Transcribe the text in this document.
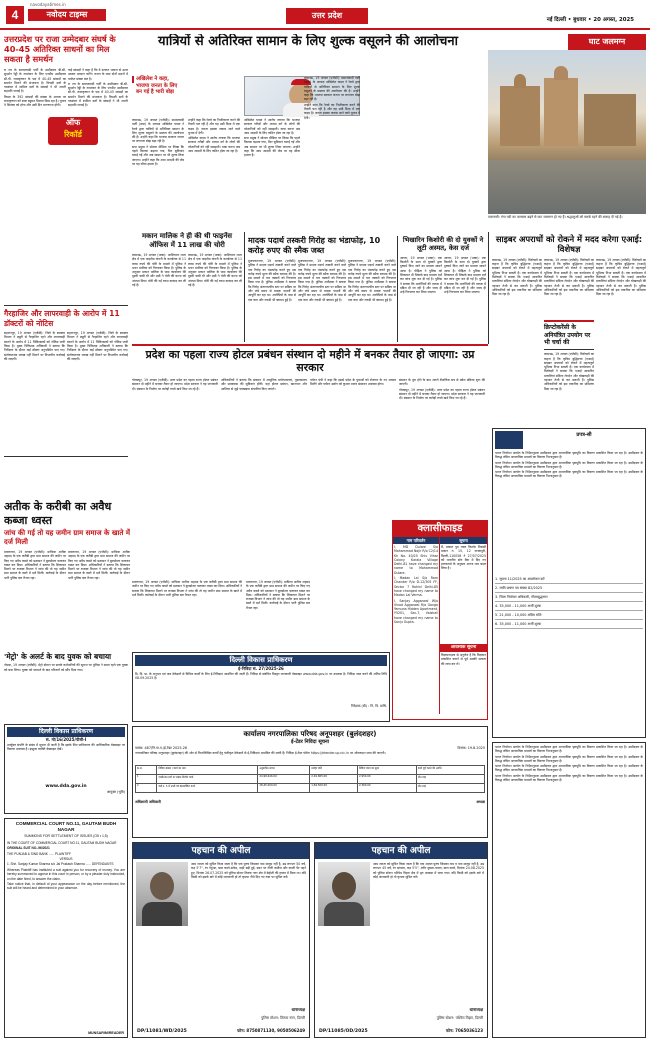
4	नवोदय टाइम्स
navodayatimes.in
उत्तर प्रदेश	नई दिल्ली • बुधवार • 20 अगस्त, 2025
उत्तरप्रदेश पर राजा उम्मेदबार संघर्ष के 40-45 अतिरिक्त साधनों का मिल सकता है समर्थन

रा ज्य के समाजवादी पार्टी के उम्मीदवार बी.सी. सुदर्शन रेड्डी के नामांकन के लिए एनडीए उम्मीदवार सी.पी. राधाकृष्णन के पक्ष में 40-45 सांसदों का समर्थन मिलने की संभावना है। विपक्षी दलों के गठबंधन में शामिल दलों के सांसदों ने भी अपनी सहमति जताई है।

विपक्ष के 392 सांसदों की संख्या के आधार पर राधाकृष्णन को स्पष्ट बहुमत मिलता दिख रहा है। चुनाव 9 सितंबर को होगा और उसी दिन मतगणना होगी।

कई सांसदों ने कहा है कि वे दलगत भावना से ऊपर उठकर मतदान करेंगे। राजग के पास दोनों सदनों में पर्याप्त संख्या बल है।

रा ज्य के समाजवादी पार्टी के उम्मीदवार बी.सी. सुदर्शन रेड्डी के नामांकन के लिए एनडीए उम्मीदवार सी.पी. राधाकृष्णन के पक्ष में 40-45 सांसदों का समर्थन मिलने की संभावना है। विपक्षी दलों के गठबंधन में शामिल दलों के सांसदों ने भी अपनी सहमति जताई है।

ऑफ
रिकॉर्ड
गैरहाजिर और लापरवाही के आरोप में 11 डॉक्टरों को नोटिस

सहारनपुर, 19 अगस्त (एजेंसी): जिले के स्वास्थ्य विभाग ने ड्यूटी से गैरहाजिर रहने और लापरवाही बरतने के आरोप में 11 चिकित्सकों को नोटिस जारी किया है। मुख्य चिकित्सा अधिकारी ने बताया कि निरीक्षण के दौरान कई डॉक्टर अनुपस्थित पाए गए। संतोषजनक जवाब नहीं मिलने पर विभागीय कार्रवाई की जाएगी।

सहारनपुर, 19 अगस्त (एजेंसी): जिले के स्वास्थ्य विभाग ने ड्यूटी से गैरहाजिर रहने और लापरवाही बरतने के आरोप में 11 चिकित्सकों को नोटिस जारी किया है। मुख्य चिकित्सा अधिकारी ने बताया कि निरीक्षण के दौरान कई डॉक्टर अनुपस्थित पाए गए। संतोषजनक जवाब नहीं मिलने पर विभागीय कार्रवाई की जाएगी।

यात्रियों से अतिरिक्त सामान के लिए शुल्क वसूलने की आलोचना
अखिलेश ने कहा,
भाजपा जनता के लिए
बन गई है भारी बोझ

लखनऊ, 19 अगस्त (एजेंसी): समाजवादी पार्टी (सपा) के अध्यक्ष अखिलेश यादव ने रेलवे द्वारा यात्रियों से अतिरिक्त सामान के लिए शुल्क वसूलने के प्रस्ताव की आलोचना की है। उन्होंने कहा कि भाजपा सरकार जनता पर लगातार बोझ बढ़ा रही है।

सपा प्रमुख ने सोशल मीडिया पर लिखा कि पहले किराया बढ़ाया गया, फिर सुविधाएं घटाई गईं और अब सामान पर भी शुल्क लिया जाएगा। उन्होंने कहा कि आम आदमी की जेब पर यह सीधा हमला है।

उन्होंने कहा कि रेलवे का निजीकरण करने की तैयारी चल रही है और यह उसी दिशा में एक कदम है। जनता इसका जवाब आने वाले चुनाव में देगी।

अखिलेश यादव ने आरोप लगाया कि भाजपा सरकार गरीबों और मध्यम वर्ग के लोगों की परेशानियों को नहीं समझती। यात्रा करना अब आम आदमी के लिए कठिन होता जा रहा है।

अखिलेश यादव ने आरोप लगाया कि भाजपा सरकार गरीबों और मध्यम वर्ग के लोगों की परेशानियों को नहीं समझती। यात्रा करना अब आम आदमी के लिए कठिन होता जा रहा है।

सपा प्रमुख ने सोशल मीडिया पर लिखा कि पहले किराया बढ़ाया गया, फिर सुविधाएं घटाई गईं और अब सामान पर भी शुल्क लिया जाएगा। उन्होंने कहा कि आम आदमी की जेब पर यह सीधा हमला है।

लखनऊ, 19 अगस्त (एजेंसी): समाजवादी पार्टी (सपा) के अध्यक्ष अखिलेश यादव ने रेलवे द्वारा यात्रियों से अतिरिक्त सामान के लिए शुल्क वसूलने के प्रस्ताव की आलोचना की है। उन्होंने कहा कि भाजपा सरकार जनता पर लगातार बोझ बढ़ा रही है।

उन्होंने कहा कि रेलवे का निजीकरण करने की तैयारी चल रही है और यह उसी दिशा में एक कदम है। जनता इसका जवाब आने वाले चुनाव में देगी।

मकान मालिक ने ही की थी फाइनेंस ऑफिस में 11 लाख की चोरी

लखनऊ, 19 अगस्त (भाषा): आशियाना थाना क्षेत्र में एक फाइनेंस कंपनी के कार्यालय से 11 लाख रुपये की चोरी के मामले में पुलिस ने भवन मालिक को गिरफ्तार किया है। पुलिस के अनुसार मकान मालिक के पास कार्यालय की दूसरी चाबी थी और उसी ने चोरी की घटना को अंजाम दिया। चोरी की गई रकम बरामद कर ली गई है।

लखनऊ, 19 अगस्त (भाषा): आशियाना थाना क्षेत्र में एक फाइनेंस कंपनी के कार्यालय से 11 लाख रुपये की चोरी के मामले में पुलिस ने भवन मालिक को गिरफ्तार किया है। पुलिस के अनुसार मकान मालिक के पास कार्यालय की दूसरी चाबी थी और उसी ने चोरी की घटना को अंजाम दिया। चोरी की गई रकम बरामद कर ली गई है।

मादक पदार्थ तस्करी गिरोह का भंडाफोड़, 10 करोड़ रुपए की स्मैक जब्त

मुजफ्फरनगर, 19 अगस्त (एजेंसी): पुलिस ने मादक पदार्थ तस्करी करने वाले एक गिरोह का भंडाफोड़ करते हुए दस करोड़ रुपये मूल्य की स्मैक बरामद की है। इस मामले में चार तस्करों को गिरफ्तार किया गया है। पुलिस अधीक्षक ने बताया कि गिरोह अंतरराज्यीय स्तर पर सक्रिय था और लंबे समय से मादक पदार्थों की आपूर्ति कर रहा था। आरोपियों के पास से एक कार और नकदी भी बरामद हुई है।

मुजफ्फरनगर, 19 अगस्त (एजेंसी): पुलिस ने मादक पदार्थ तस्करी करने वाले एक गिरोह का भंडाफोड़ करते हुए दस करोड़ रुपये मूल्य की स्मैक बरामद की है। इस मामले में चार तस्करों को गिरफ्तार किया गया है। पुलिस अधीक्षक ने बताया कि गिरोह अंतरराज्यीय स्तर पर सक्रिय था और लंबे समय से मादक पदार्थों की आपूर्ति कर रहा था। आरोपियों के पास से एक कार और नकदी भी बरामद हुई है।

मुजफ्फरनगर, 19 अगस्त (एजेंसी): पुलिस ने मादक पदार्थ तस्करी करने वाले एक गिरोह का भंडाफोड़ करते हुए दस करोड़ रुपये मूल्य की स्मैक बरामद की है। इस मामले में चार तस्करों को गिरफ्तार किया गया है। पुलिस अधीक्षक ने बताया कि गिरोह अंतरराज्यीय स्तर पर सक्रिय था और लंबे समय से मादक पदार्थों की आपूर्ति कर रहा था। आरोपियों के पास से एक कार और नकदी भी बरामद हुई है।

भिखारिन किशोरी की दो युवकों ने लूटी अस्मत, केस दर्ज

आगरा, 19 अगस्त (भाषा): एक किशोरी के साथ दो युवकों द्वारा दुष्कर्म किए जाने का मामला सामने आया है। पीड़िता ने पुलिस को शिकायत दी जिसके बाद मामला दर्ज कर जांच शुरू कर दी गई है। पुलिस ने बताया कि आरोपियों की तलाश में दबिश दी जा रही है और जल्द ही उन्हें गिरफ्तार कर लिया जाएगा।

आगरा, 19 अगस्त (भाषा): एक किशोरी के साथ दो युवकों द्वारा दुष्कर्म किए जाने का मामला सामने आया है। पीड़िता ने पुलिस को शिकायत दी जिसके बाद मामला दर्ज कर जांच शुरू कर दी गई है। पुलिस ने बताया कि आरोपियों की तलाश में दबिश दी जा रही है और जल्द ही उन्हें गिरफ्तार कर लिया जाएगा।

घाट जलमग्न
वाराणसी: गंगा नदी का जलस्तर बढ़ने से घाट जलमग्न हो गए हैं। श्रद्धालुओं को सतर्क रहने की सलाह दी गई है।
साइबर अपराधों को रोकने में मदद करेगा एआई: विशेषज्ञ

लखनऊ, 19 अगस्त (एजेंसी): विशेषज्ञों का कहना है कि कृत्रिम बुद्धिमत्ता (एआई) साइबर अपराधों को रोकने में महत्वपूर्ण भूमिका निभा सकती है। एक कार्यशाला में विशेषज्ञों ने बताया कि एआई आधारित प्रणालियां संदिग्ध लेनदेन और धोखाधड़ी की पहचान तेजी से कर सकती हैं। पुलिस अधिकारियों को इस तकनीक का प्रशिक्षण दिया जा रहा है।

लखनऊ, 19 अगस्त (एजेंसी): विशेषज्ञों का कहना है कि कृत्रिम बुद्धिमत्ता (एआई) साइबर अपराधों को रोकने में महत्वपूर्ण भूमिका निभा सकती है। एक कार्यशाला में विशेषज्ञों ने बताया कि एआई आधारित प्रणालियां संदिग्ध लेनदेन और धोखाधड़ी की पहचान तेजी से कर सकती हैं। पुलिस अधिकारियों को इस तकनीक का प्रशिक्षण दिया जा रहा है।

क्रिप्टोकरेंसी के अनियंत्रित उपयोग पर भी चर्चा की

लखनऊ, 19 अगस्त (एजेंसी): विशेषज्ञों का कहना है कि कृत्रिम बुद्धिमत्ता (एआई) साइबर अपराधों को रोकने में महत्वपूर्ण भूमिका निभा सकती है। एक कार्यशाला में विशेषज्ञों ने बताया कि एआई आधारित प्रणालियां संदिग्ध लेनदेन और धोखाधड़ी की पहचान तेजी से कर सकती हैं। पुलिस अधिकारियों को इस तकनीक का प्रशिक्षण दिया जा रहा है।

लखनऊ, 19 अगस्त (एजेंसी): विशेषज्ञों का कहना है कि कृत्रिम बुद्धिमत्ता (एआई) साइबर अपराधों को रोकने में महत्वपूर्ण भूमिका निभा सकती है। एक कार्यशाला में विशेषज्ञों ने बताया कि एआई आधारित प्रणालियां संदिग्ध लेनदेन और धोखाधड़ी की पहचान तेजी से कर सकती हैं। पुलिस अधिकारियों को इस तकनीक का प्रशिक्षण दिया जा रहा है।

प्रदेश का पहला राज्य होटल प्रबंधन संस्थान दो महीने में बनकर तैयार हो जाएगा: उप्र सरकार

गोरखपुर, 19 अगस्त (एजेंसी): उत्तर प्रदेश का पहला राज्य होटल प्रबंधन संस्थान दो महीने में बनकर तैयार हो जाएगा। प्रदेश सरकार ने यह जानकारी दी। संस्थान के निर्माण पर करोड़ों रुपये खर्च किए जा रहे हैं।

अधिकारियों ने बताया कि संस्थान में आधुनिक प्रयोगशालाएं, पुस्तकालय और छात्रावास की सुविधाएं होंगी। यहां होटल प्रबंधन, खानपान और आतिथ्य से जुड़े पाठ्यक्रम संचालित किए जाएंगे।

पर्यटन मंत्री ने कहा कि इससे प्रदेश के युवाओं को रोजगार के नए अवसर मिलेंगे और पर्यटन उद्योग को कुशल मानव संसाधन उपलब्ध होगा।

संस्थान के पूरा होने के बाद अगले शैक्षणिक सत्र से प्रवेश प्रक्रिया शुरू की जाएगी।

गोरखपुर, 19 अगस्त (एजेंसी): उत्तर प्रदेश का पहला राज्य होटल प्रबंधन संस्थान दो महीने में बनकर तैयार हो जाएगा। प्रदेश सरकार ने यह जानकारी दी। संस्थान के निर्माण पर करोड़ों रुपये खर्च किए जा रहे हैं।

प्रपत्र-सी

भारत निर्वाचन आयोग के निर्देशानुसार उम्मीदवार द्वारा आपराधिक पृष्ठभूमि का विवरण प्रकाशित किया जा रहा है। उम्मीदवार के विरुद्ध लंबित आपराधिक मामलों का विवरण निम्नानुसार है।

भारत निर्वाचन आयोग के निर्देशानुसार उम्मीदवार द्वारा आपराधिक पृष्ठभूमि का विवरण प्रकाशित किया जा रहा है। उम्मीदवार के विरुद्ध लंबित आपराधिक मामलों का विवरण निम्नानुसार है।

भारत निर्वाचन आयोग के निर्देशानुसार उम्मीदवार द्वारा आपराधिक पृष्ठभूमि का विवरण प्रकाशित किया जा रहा है। उम्मीदवार के विरुद्ध लंबित आपराधिक मामलों का विवरण निम्नानुसार है।

1. सूचना 11/2025 का अवलोकन करें
2. जाति प्रमाण पत्र संख्या 82/2025
3. जिला निर्वाचन अधिकारी, गौतमबुद्धनगर
4. 35,000 - 11,000 अर्जी शुल्क
5. 21,000 - 10,000 अग्रिम राशि
6. 35,000 - 11,000 अर्जी शुल्क
अतीक के करीबी का अवैध कब्जा ध्वस्त
जांच की गई तो यह जमीन ग्राम समाज के खाते में दर्ज मिली

प्रयागराज, 19 अगस्त (एजेंसी): माफिया अतीक अहमद के एक करीबी द्वारा ग्राम समाज की जमीन पर किए गए अवैध कब्जे को प्रशासन ने बुलडोजर चलाकर ध्वस्त कर दिया। अधिकारियों ने बताया कि शिकायत मिलने पर राजस्व विभाग ने जांच की तो यह जमीन ग्राम समाज के खाते में दर्ज मिली। कार्रवाई के दौरान भारी पुलिस बल तैनात रहा।

प्रयागराज, 19 अगस्त (एजेंसी): माफिया अतीक अहमद के एक करीबी द्वारा ग्राम समाज की जमीन पर किए गए अवैध कब्जे को प्रशासन ने बुलडोजर चलाकर ध्वस्त कर दिया। अधिकारियों ने बताया कि शिकायत मिलने पर राजस्व विभाग ने जांच की तो यह जमीन ग्राम समाज के खाते में दर्ज मिली। कार्रवाई के दौरान भारी पुलिस बल तैनात रहा।

प्रयागराज, 19 अगस्त (एजेंसी): माफिया अतीक अहमद के एक करीबी द्वारा ग्राम समाज की जमीन पर किए गए अवैध कब्जे को प्रशासन ने बुलडोजर चलाकर ध्वस्त कर दिया। अधिकारियों ने बताया कि शिकायत मिलने पर राजस्व विभाग ने जांच की तो यह जमीन ग्राम समाज के खाते में दर्ज मिली। कार्रवाई के दौरान भारी पुलिस बल तैनात रहा।

प्रयागराज, 19 अगस्त (एजेंसी): माफिया अतीक अहमद के एक करीबी द्वारा ग्राम समाज की जमीन पर किए गए अवैध कब्जे को प्रशासन ने बुलडोजर चलाकर ध्वस्त कर दिया। अधिकारियों ने बताया कि शिकायत मिलने पर राजस्व विभाग ने जांच की तो यह जमीन ग्राम समाज के खाते में दर्ज मिली। कार्रवाई के दौरान भारी पुलिस बल तैनात रहा।

क्लासीफाइड
नाम परिवर्तन

I, MD Dulare S/o Mohammad Najir R/o C2/14 Kh No. 40/25 Shiv Vihar Colony Karala Village Delhi-81 have changed my name to Mohammad Dulare.

I, Madan Lal S/o Ram Chander R/o D-12/305 FF, Sector 7 Rohini Delhi-85 have changed my name to Madan Lal Verma.

I, Sanjay Aggarwal W/o Vinod Aggarwal R/o Ganga Yamuna Hidden Apartment, Y5201, Sec-7, Vaishali have changed my name to Sanju Gupta.

सूचना

मैं, प्रकाश पुत्र नवल किशोर निवासी मकान नं. 15, 12 जनकपुरी, दिल्ली-110058 ने 27/07/2025 को भारतीय स्टेट बैंक में दिए गए हलफनामे के अनुसार अपना नाम बदल लिया है।

आवश्यक सूचना

विज्ञापनदाता से अनुरोध है कि विज्ञापन प्रकाशित कराने से पूर्व उसकी सत्यता की जांच कर लें।

दिल्ली विकास प्राधिकरण
ई-निविदा सं. 27/2025-26

दि. दि. प्रा. के अनुभव एवं पात्र ठेकेदारों से विभिन्न कार्यों के लिए ई-निविदाएं आमंत्रित की जाती हैं। निविदा से संबंधित विस्तृत जानकारी वेबसाइट www.dda.gov.in पर उपलब्ध है। निविदा जमा करने की अंतिम तिथि 08.09.2025 है।

निदेशक (बी) : नि. वि. प्राधि.
'मेट्रो' के अलर्ट के बाद युवक को बचाया

नोएडा, 19 अगस्त (एजेंसी): मेट्रो स्टेशन पर सतर्क कर्मचारियों की सूचना पर पुलिस ने समय रहते एक युवक को बचा लिया। युवक को परामर्श के बाद परिजनों को सौंप दिया गया।

दिल्ली विकास प्राधिकरण
सं. मो/16/2025/पीसी-I

उपर्युक्त संपत्ति के संबंध में सूचना दी जाती है कि इसके लिए प्राधिकरण की आधिकारिक वेबसाइट पर विवरण उपलब्ध है। इच्छुक व्यक्ति वेबसाइट देखें।

www.dda.gov.in
आयुक्त (भूमि)
COMMERCIAL COURT NO.11, GAUTAM BUDH NAGAR
SUMMONS FOR SETTLEMENT OF ISSUES (O5 r 1,5)

IN THE COURT OF COMMERCIAL COURT NO.11, GAUTAM BUDH NAGAR

ORIGINAL SUIT NO.-96/2021

THE PUNJAB & SIND BANK ...... PLAINTIFF

VERSUS

1. Shri. Sanjay Kumar Sharma s/o Jai Prakash Sharma ...... DEFENDANTS

Whereas Plaintiff has instituted a suit against you for recovery of money. You are hereby summoned to appear in this court in person, or by a pleader duly instructed, on the date fixed, to answer the claim.

Take notice that, in default of your appearance on the day before mentioned, the suit will be heard and determined in your absence.

MUNSARIM/READER
कार्यालय नगरपालिका परिषद अनूपशहर (बुलंदशहर)
ई-टेंडर निविदा सूचना
पत्रांक: 487/नि.पा.प./ई-टेंडर 2025-26	दिनांक: 19.8.2025

नगरपालिका परिषद अनूपशहर (बुलंदशहर) की ओर से निम्नलिखित कार्यों हेतु पंजीकृत ठेकेदारों से ई-निविदाएं आमंत्रित की जाती हैं। निविदा ई-टेंडर पोर्टल https://etender.up.nic.in पर ऑनलाइन जमा की जाएगी।

क्र.सं.	निविदा संख्या / कार्य का नाम	अनुमानित लागत	धरोहर राशि	निविदा प्रपत्र का मूल्य	कार्य पूर्ण करने की अवधि
1	एमबी-बन मार्ग पर सड़क निर्माण कार्य	24,98,646.00	2,49,865.00	2,950.00	तीन माह
2	वार्ड नं. 5 में नाली एवं इंटरलॉकिंग कार्य	18,45,000.00	1,84,500.00	2,360.00	तीन माह
अधिशासी अधिकारी	अध्यक्ष
पहचान की अपील

आम जनता को सूचित किया जाता है कि एक पुरुष जिसका नाम मालूम नहीं है, उम्र लगभग 50 वर्ष, कद 5'7", रंग गेहुंआ, बाल काले-सफेद, दाढ़ी बढ़ी हुई, बदन पर नीली कमीज और काली पेंट पहने हुए, दिनांक 26.07.2025 को पुलिस स्टेशन तिलक नगर क्षेत्र में बेहोशी की हालत में मिला था। यदि किसी को इसके बारे में कोई जानकारी हो तो कृपया नीचे दिए गए नंबर पर सूचित करें।

थानाध्यक्ष
पुलिस स्टेशन: तिलक नगर, दिल्ली
DP/11081/WD/2025	फोन: 8750871130, 9050506249
पहचान की अपील

आम जनता को सूचित किया जाता है कि एक अज्ञात पुरुष जिसका नाम व पता मालूम नहीं है, उम्र लगभग 45 वर्ष, रंग सांवला, कद 5'5", शरीर दुबला-पतला, बाल काले, दिनांक 24.08.2025 को पुलिस स्टेशन पश्चिम विहार क्षेत्र में मृत अवस्था में पाया गया। यदि किसी को इसके बारे में कोई जानकारी हो तो कृपया सूचित करें।

थानाध्यक्ष
पुलिस स्टेशन: पश्चिम विहार, दिल्ली
DP/11085/OD/2025	फोन: 7065036123

भारत निर्वाचन आयोग के निर्देशानुसार उम्मीदवार द्वारा आपराधिक पृष्ठभूमि का विवरण प्रकाशित किया जा रहा है। उम्मीदवार के विरुद्ध लंबित आपराधिक मामलों का विवरण निम्नानुसार है।

भारत निर्वाचन आयोग के निर्देशानुसार उम्मीदवार द्वारा आपराधिक पृष्ठभूमि का विवरण प्रकाशित किया जा रहा है। उम्मीदवार के विरुद्ध लंबित आपराधिक मामलों का विवरण निम्नानुसार है।

भारत निर्वाचन आयोग के निर्देशानुसार उम्मीदवार द्वारा आपराधिक पृष्ठभूमि का विवरण प्रकाशित किया जा रहा है। उम्मीदवार के विरुद्ध लंबित आपराधिक मामलों का विवरण निम्नानुसार है।

भारत निर्वाचन आयोग के निर्देशानुसार उम्मीदवार द्वारा आपराधिक पृष्ठभूमि का विवरण प्रकाशित किया जा रहा है। उम्मीदवार के विरुद्ध लंबित आपराधिक मामलों का विवरण निम्नानुसार है।
